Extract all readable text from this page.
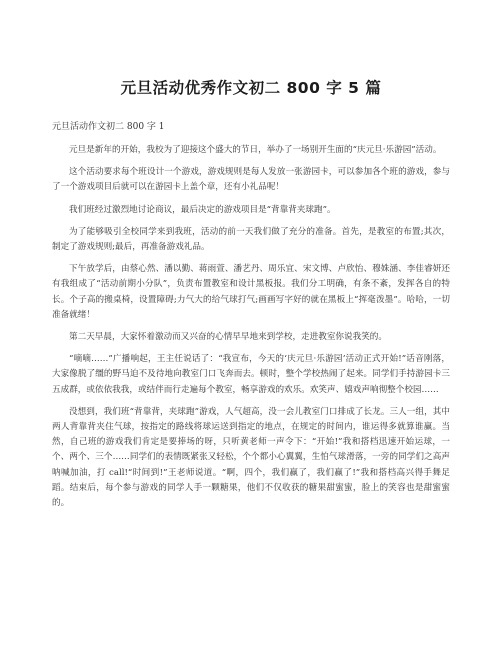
元旦活动优秀作文初二 800 字 5 篇

元旦活动作文初二 800 字 1

元旦是新年的开始，我校为了迎接这个盛大的节日，举办了一场别开生面的“庆元旦·乐游园”活动。

这个活动要求每个班设计一个游戏，游戏规则是每人发放一张游园卡，可以参加各个班的游戏，参与了一个游戏项目后就可以在游园卡上盖个章，还有小礼品呢！

我们班经过激烈地讨论商议，最后决定的游戏项目是“背靠背夹球跑”。

为了能够吸引全校同学来到我班，活动的前一天我们做了充分的准备。首先，是教室的布置;其次，制定了游戏规则;最后，再准备游戏礼品。

下午放学后，由蔡心然、潘以勤、蒋雨萱、潘艺丹、周乐宜、宋文博、卢欣怡、穆姝涵、李佳睿妍还有我组成了“活动前期小分队”，负责布置教室和设计黑板报。我们分工明确，有条不紊，发挥各自的特长。个子高的搬桌椅，设置障碍;力气大的给气球打气;画画写字好的就在黑板上“挥毫泼墨”。哈哈，一切准备就绪！

第二天早晨，大家怀着激动而又兴奋的心情早早地来到学校，走进教室你说我笑的。

“嘀嘀……”广播响起，王主任说话了：“我宣布，今天的‘庆元旦·乐游园’活动正式开始!”话音刚落，大家像脱了缰的野马迫不及待地向教室门口飞奔而去。顿时，整个学校热闹了起来。同学们手持游园卡三五成群，或依依我我，或结伴而行走遍每个教室，畅享游戏的欢乐。欢笑声、嬉戏声响彻整个校园……

没想到，我们班“背靠背，夹球跑”游戏，人气超高，没一会儿教室门口排成了长龙。三人一组，其中两人背靠背夹住气球，按指定的路线将球运送到指定的地点，在规定的时间内，谁运得多就算谁赢。当然，自己班的游戏我们肯定是要捧场的呀，只听黄老师一声令下：“开始!”我和搭档迅速开始运球，一个、两个、三个……同学们的表情既紧张又轻松，个个都小心翼翼，生怕气球滑落，一旁的同学们之高声呐喊加油，打 call!“时间到!”王老师说道。“啊，四个，我们赢了，我们赢了!”我和搭档高兴得手舞足蹈。结束后，每个参与游戏的同学人手一颗糖果，他们不仅收获的糖果甜蜜蜜，脸上的笑容也是甜蜜蜜的。
